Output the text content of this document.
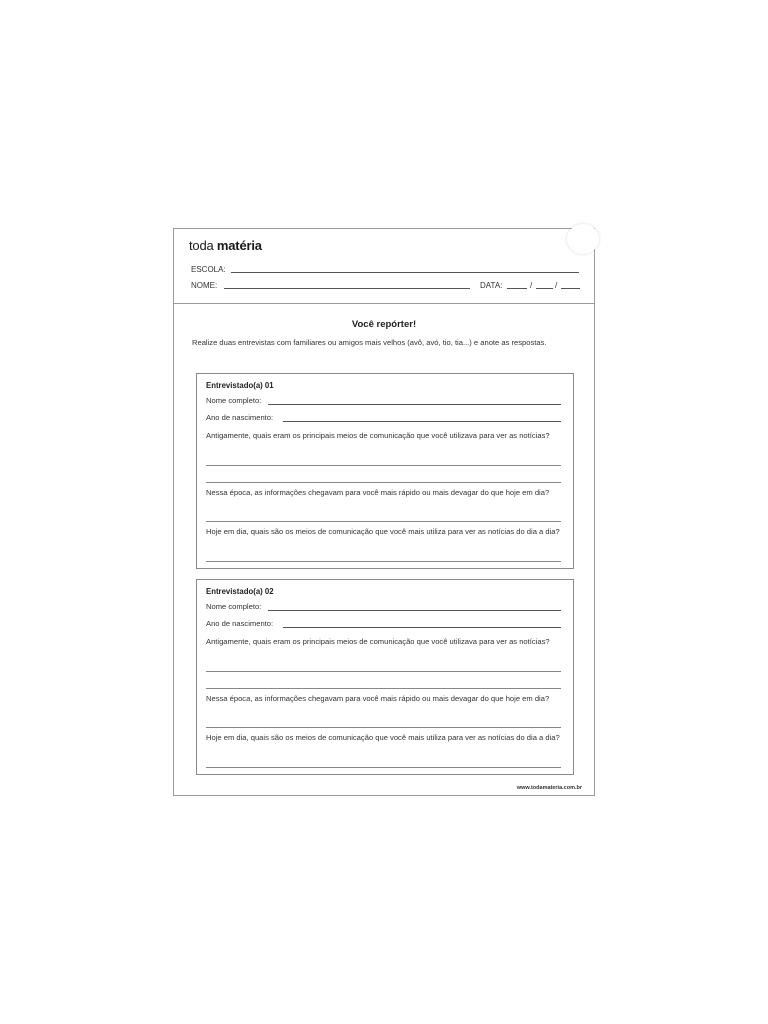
toda matéria
ESCOLA:
NOME:	DATA:	/	/
Você repórter!
Realize duas entrevistas com familiares ou amigos mais velhos (avô, avó, tio, tia...) e anote as respostas.
Entrevistado(a) 01
Nome completo:
Ano de nascimento:
Antigamente, quais eram os principais meios de comunicação que você utilizava para ver as notícias?
Nessa época, as informações chegavam para você mais rápido ou mais devagar do que hoje em dia?
Hoje em dia, quais são os meios de comunicação que você mais utiliza para ver as notícias do dia a dia?
Entrevistado(a) 02
Nome completo:
Ano de nascimento:
Antigamente, quais eram os principais meios de comunicação que você utilizava para ver as notícias?
Nessa época, as informações chegavam para você mais rápido ou mais devagar do que hoje em dia?
Hoje em dia, quais são os meios de comunicação que você mais utiliza para ver as notícias do dia a dia?
www.todamateria.com.br
